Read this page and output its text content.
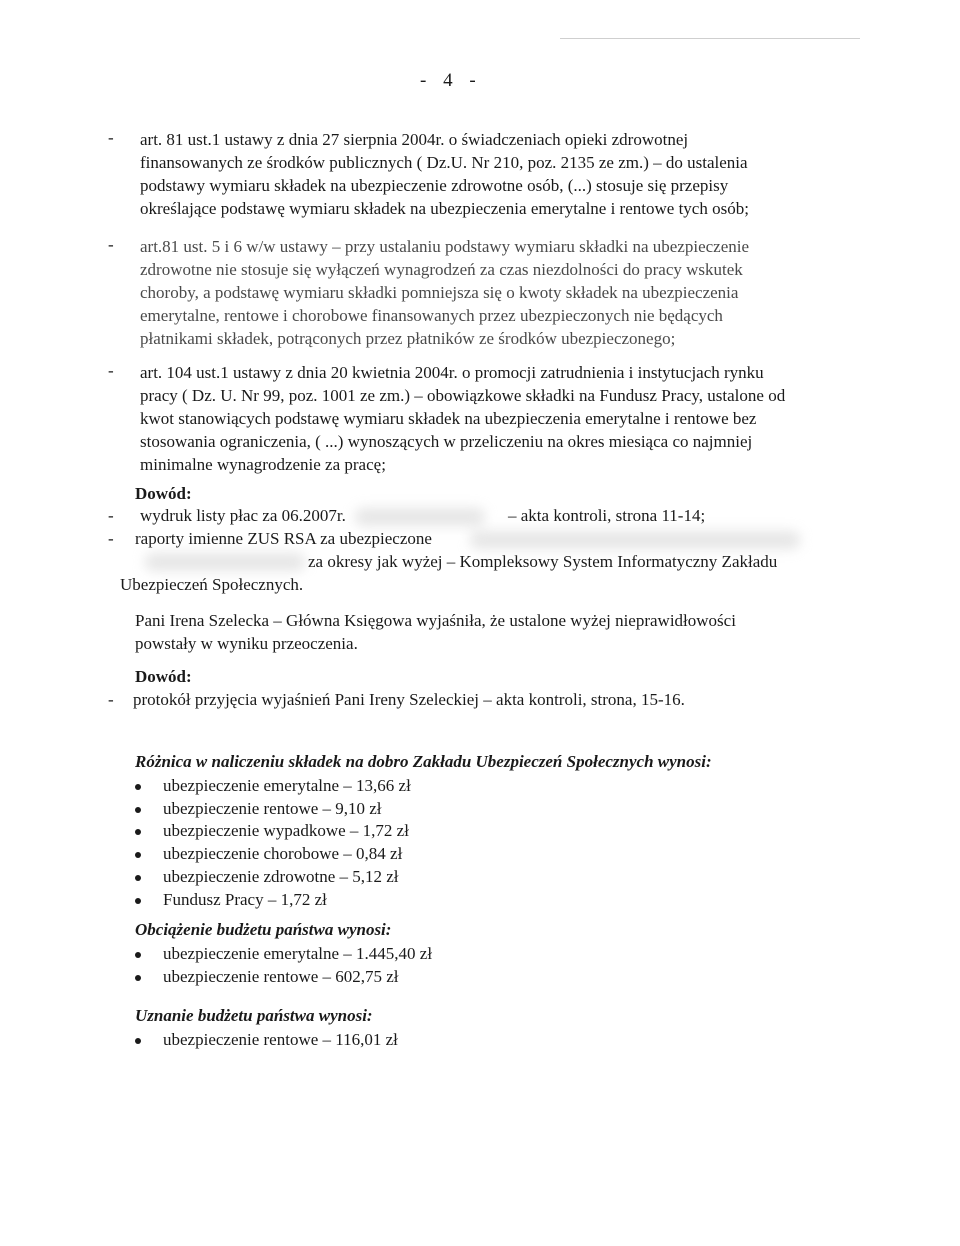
- 4 -
- art. 81 ust.1 ustawy z dnia 27 sierpnia 2004r. o świadczeniach opieki zdrowotnej finansowanych ze środków publicznych ( Dz.U. Nr 210, poz. 2135 ze zm.) – do ustalenia podstawy wymiaru składek na ubezpieczenie zdrowotne osób, (...) stosuje się przepisy określające podstawę wymiaru składek na ubezpieczenia emerytalne i rentowe tych osób;
- art.81 ust. 5 i 6 w/w ustawy – przy ustalaniu podstawy wymiaru składki na ubezpieczenie zdrowotne nie stosuje się wyłączeń wynagrodzeń za czas niezdolności do pracy wskutek choroby, a podstawę wymiaru składki pomniejsza się o kwoty składek na ubezpieczenia emerytalne, rentowe i chorobowe finansowanych przez ubezpieczonych nie będących płatnikami składek, potrąconych przez płatników ze środków ubezpieczonego;
- art. 104 ust.1 ustawy z dnia 20 kwietnia 2004r. o promocji zatrudnienia i instytucjach rynku pracy ( Dz. U. Nr 99, poz. 1001 ze zm.) – obowiązkowe składki na Fundusz Pracy, ustalone od kwot stanowiących podstawę wymiaru składek na ubezpieczenia emerytalne i rentowe bez stosowania ograniczenia, ( ...) wynoszących w przeliczeniu na okres miesiąca co najmniej minimalne wynagrodzenie za pracę;
Dowód:
- wydruk listy płac za 06.2007r.	– akta kontroli, strona 11-14;
- raporty imienne ZUS RSA za ubezpieczone
za okresy jak wyżej – Kompleksowy System Informatyczny Zakładu
Ubezpieczeń Społecznych.
Pani Irena Szelecka – Główna Księgowa wyjaśniła, że ustalone wyżej nieprawidłowości powstały w wyniku przeoczenia.
Dowód:
- protokół przyjęcia wyjaśnień Pani Ireny Szeleckiej – akta kontroli, strona, 15-16.
Różnica w naliczeniu składek na dobro Zakładu Ubezpieczeń Społecznych wynosi:
ubezpieczenie emerytalne – 13,66 zł
ubezpieczenie rentowe – 9,10 zł
ubezpieczenie wypadkowe – 1,72 zł
ubezpieczenie chorobowe – 0,84 zł
ubezpieczenie zdrowotne – 5,12 zł
Fundusz Pracy – 1,72 zł
Obciążenie budżetu państwa wynosi:
ubezpieczenie emerytalne – 1.445,40 zł
ubezpieczenie rentowe – 602,75 zł
Uznanie budżetu państwa wynosi:
ubezpieczenie rentowe – 116,01 zł
